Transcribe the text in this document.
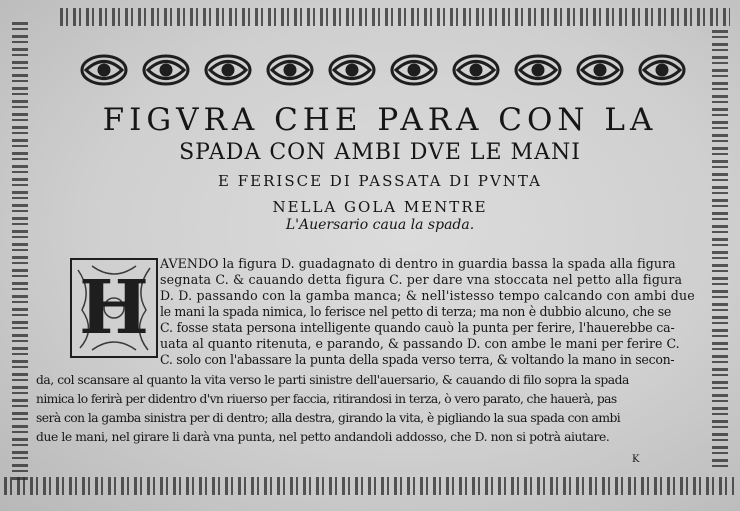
FIGVRA CHE PARA CON LA
SPADA CON AMBI DVE LE MANI
E FERISCE DI PASSATA DI PVNTA
NELLA GOLA MENTRE
L'Auersario caua la spada.
H
AVENDO la figura D. guadagnato di dentro in guardia bassa la spada alla figura
segnata C. & cauando detta figura C. per dare vna stoccata nel petto alla figura
D. D. passando con la gamba manca; & nell'istesso tempo calcando con ambi due
le mani la spada nimica, lo ferisce nel petto di terza; ma non è dubbio alcuno, che se
C. fosse stata persona intelligente quando cauò la punta per ferire, l'hauerebbe ca-
uata al quanto ritenuta, e parando, & passando D. con ambe le mani per ferire C.
C. solo con l'abassare la punta della spada verso terra, & voltando la mano in secon-
da, col scansare al quanto la vita verso le parti sinistre dell'auersario, & cauando di filo sopra la spada
nimica lo ferirà per didentro d'vn riuerso per faccia, ritirandosi in terza, ò vero parato, che hauerà, pas
serà con la gamba sinistra per di dentro; alla destra, girando la vita, è pigliando la sua spada con ambi
due le mani, nel girare li darà vna punta, nel petto andandoli addosso, che D. non si potrà aiutare.
K
